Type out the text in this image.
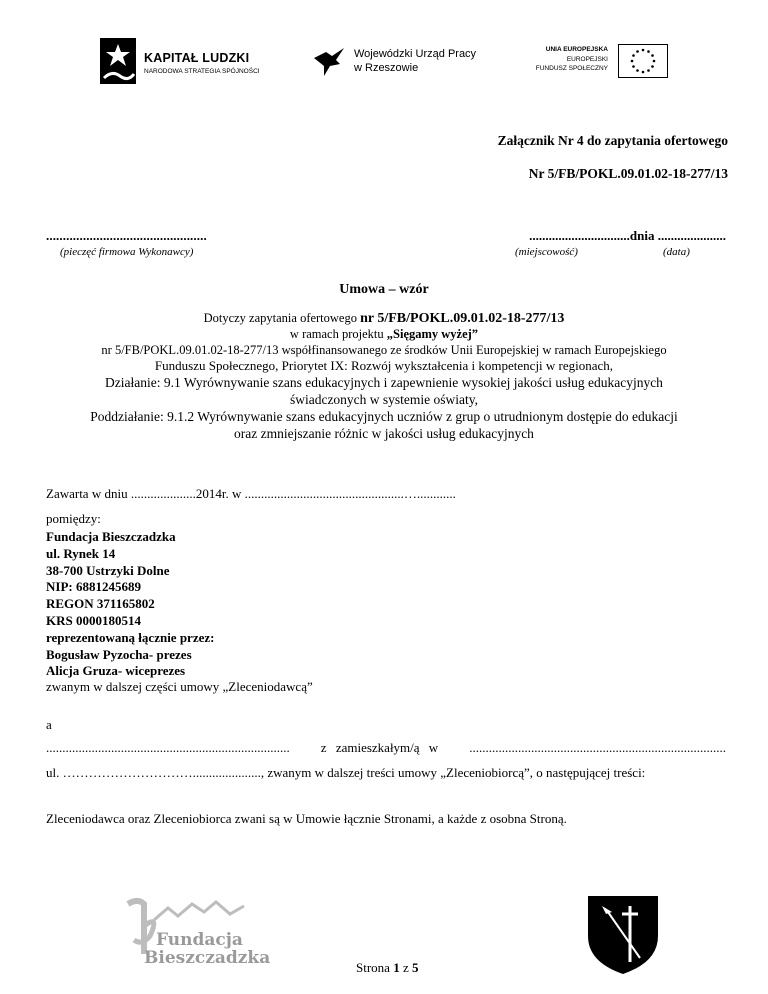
KAPITAŁ LUDZKI
NARODOWA STRATEGIA SPÓJNOŚCI
Wojewódzki Urząd Pracy
w Rzeszowie
UNIA EUROPEJSKA
EUROPEJSKI
FUNDUSZ SPOŁECZNY
Załącznik Nr 4 do zapytania ofertowego
Nr 5/FB/POKL.09.01.02-18-277/13
................................................
(pieczęć firmowa Wykonawcy)
...............................dnia .....................
(miejscowość)	(data)
Umowa – wzór
Dotyczy zapytania ofertowego nr 5/FB/POKL.09.01.02-18-277/13
w ramach projektu „Sięgamy wyżej”
nr 5/FB/POKL.09.01.02-18-277/13 współfinansowanego ze środków Unii Europejskiej w ramach Europejskiego
Funduszu Społecznego, Priorytet IX: Rozwój wykształcenia i kompetencji w regionach,
Działanie: 9.1 Wyrównywanie szans edukacyjnych i zapewnienie wysokiej jakości usług edukacyjnych
świadczonych w systemie oświaty,
Poddziałanie: 9.1.2 Wyrównywanie szans edukacyjnych uczniów z grup o utrudnionym dostępie do edukacji
oraz zmniejszanie różnic w jakości usług edukacyjnych
Zawarta w dniu ....................2014r. w .................................................…............
pomiędzy:
Fundacja Bieszczadzka
ul. Rynek 14
38-700 Ustrzyki Dolne
NIP: 6881245689
REGON 371165802
KRS 0000180514
reprezentowaną łącznie przez:
Bogusław Pyzocha- prezes
Alicja Gruza- wiceprezes
zwanym w dalszej części umowy „Zleceniodawcą”
a
........................................................................... z zamieszkałym/ą w ...............................................................................
ul. …………………………....................., zwanym w dalszej treści umowy „Zleceniobiorcą”, o następującej treści:
Zleceniodawca oraz Zleceniobiorca zwani są w Umowie łącznie Stronami, a każde z osobna Stroną.
Fundacja
Bieszczadzka	Strona 1 z 5
